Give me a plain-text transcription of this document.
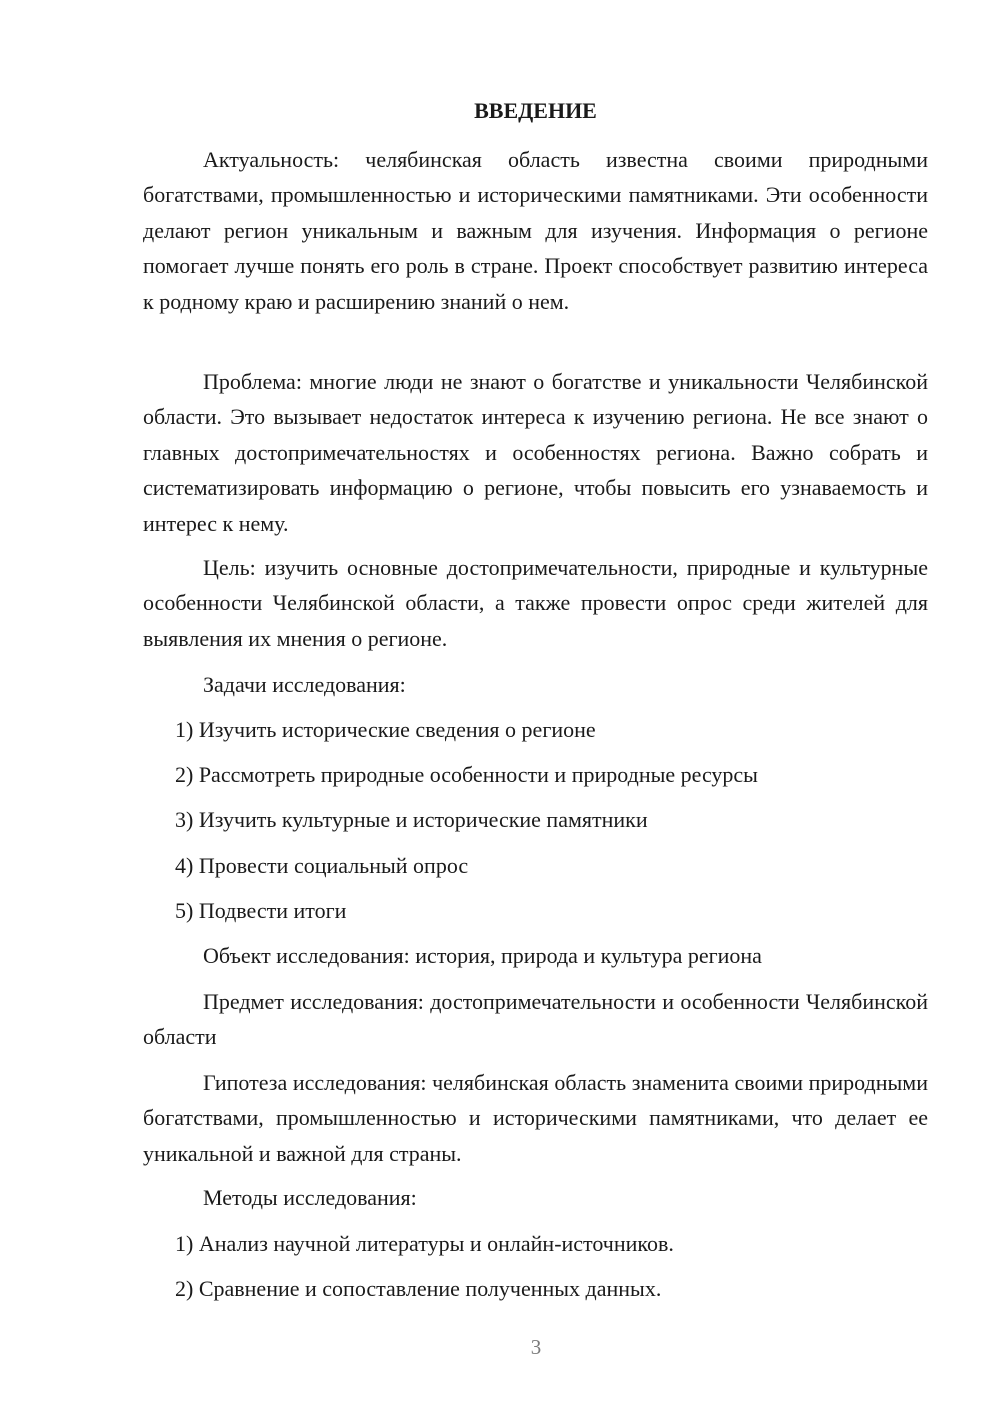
ВВЕДЕНИЕ

Актуальность: челябинская область известна своими природными богатствами, промышленностью и историческими памятниками. Эти особенности делают регион уникальным и важным для изучения. Информация о регионе помогает лучше понять его роль в стране. Проект способствует развитию интереса к родному краю и расширению знаний о нем.

Проблема: многие люди не знают о богатстве и уникальности Челябинской области. Это вызывает недостаток интереса к изучению региона. Не все знают о главных достопримечательностях и особенностях региона. Важно собрать и систематизировать информацию о регионе, чтобы повысить его узнаваемость и интерес к нему.

Цель: изучить основные достопримечательности, природные и культурные особенности Челябинской области, а также провести опрос среди жителей для выявления их мнения о регионе.

Задачи исследования:
1) Изучить исторические сведения о регионе
2) Рассмотреть природные особенности и природные ресурсы
3) Изучить культурные и исторические памятники
4) Провести социальный опрос
5) Подвести итоги
Объект исследования: история, природа и культура региона

Предмет исследования: достопримечательности и особенности Челябинской области

Гипотеза исследования: челябинская область знаменита своими природными богатствами, промышленностью и историческими памятниками, что делает ее уникальной и важной для страны.

Методы исследования:
1) Анализ научной литературы и онлайн-источников.
2) Сравнение и сопоставление полученных данных.
3
